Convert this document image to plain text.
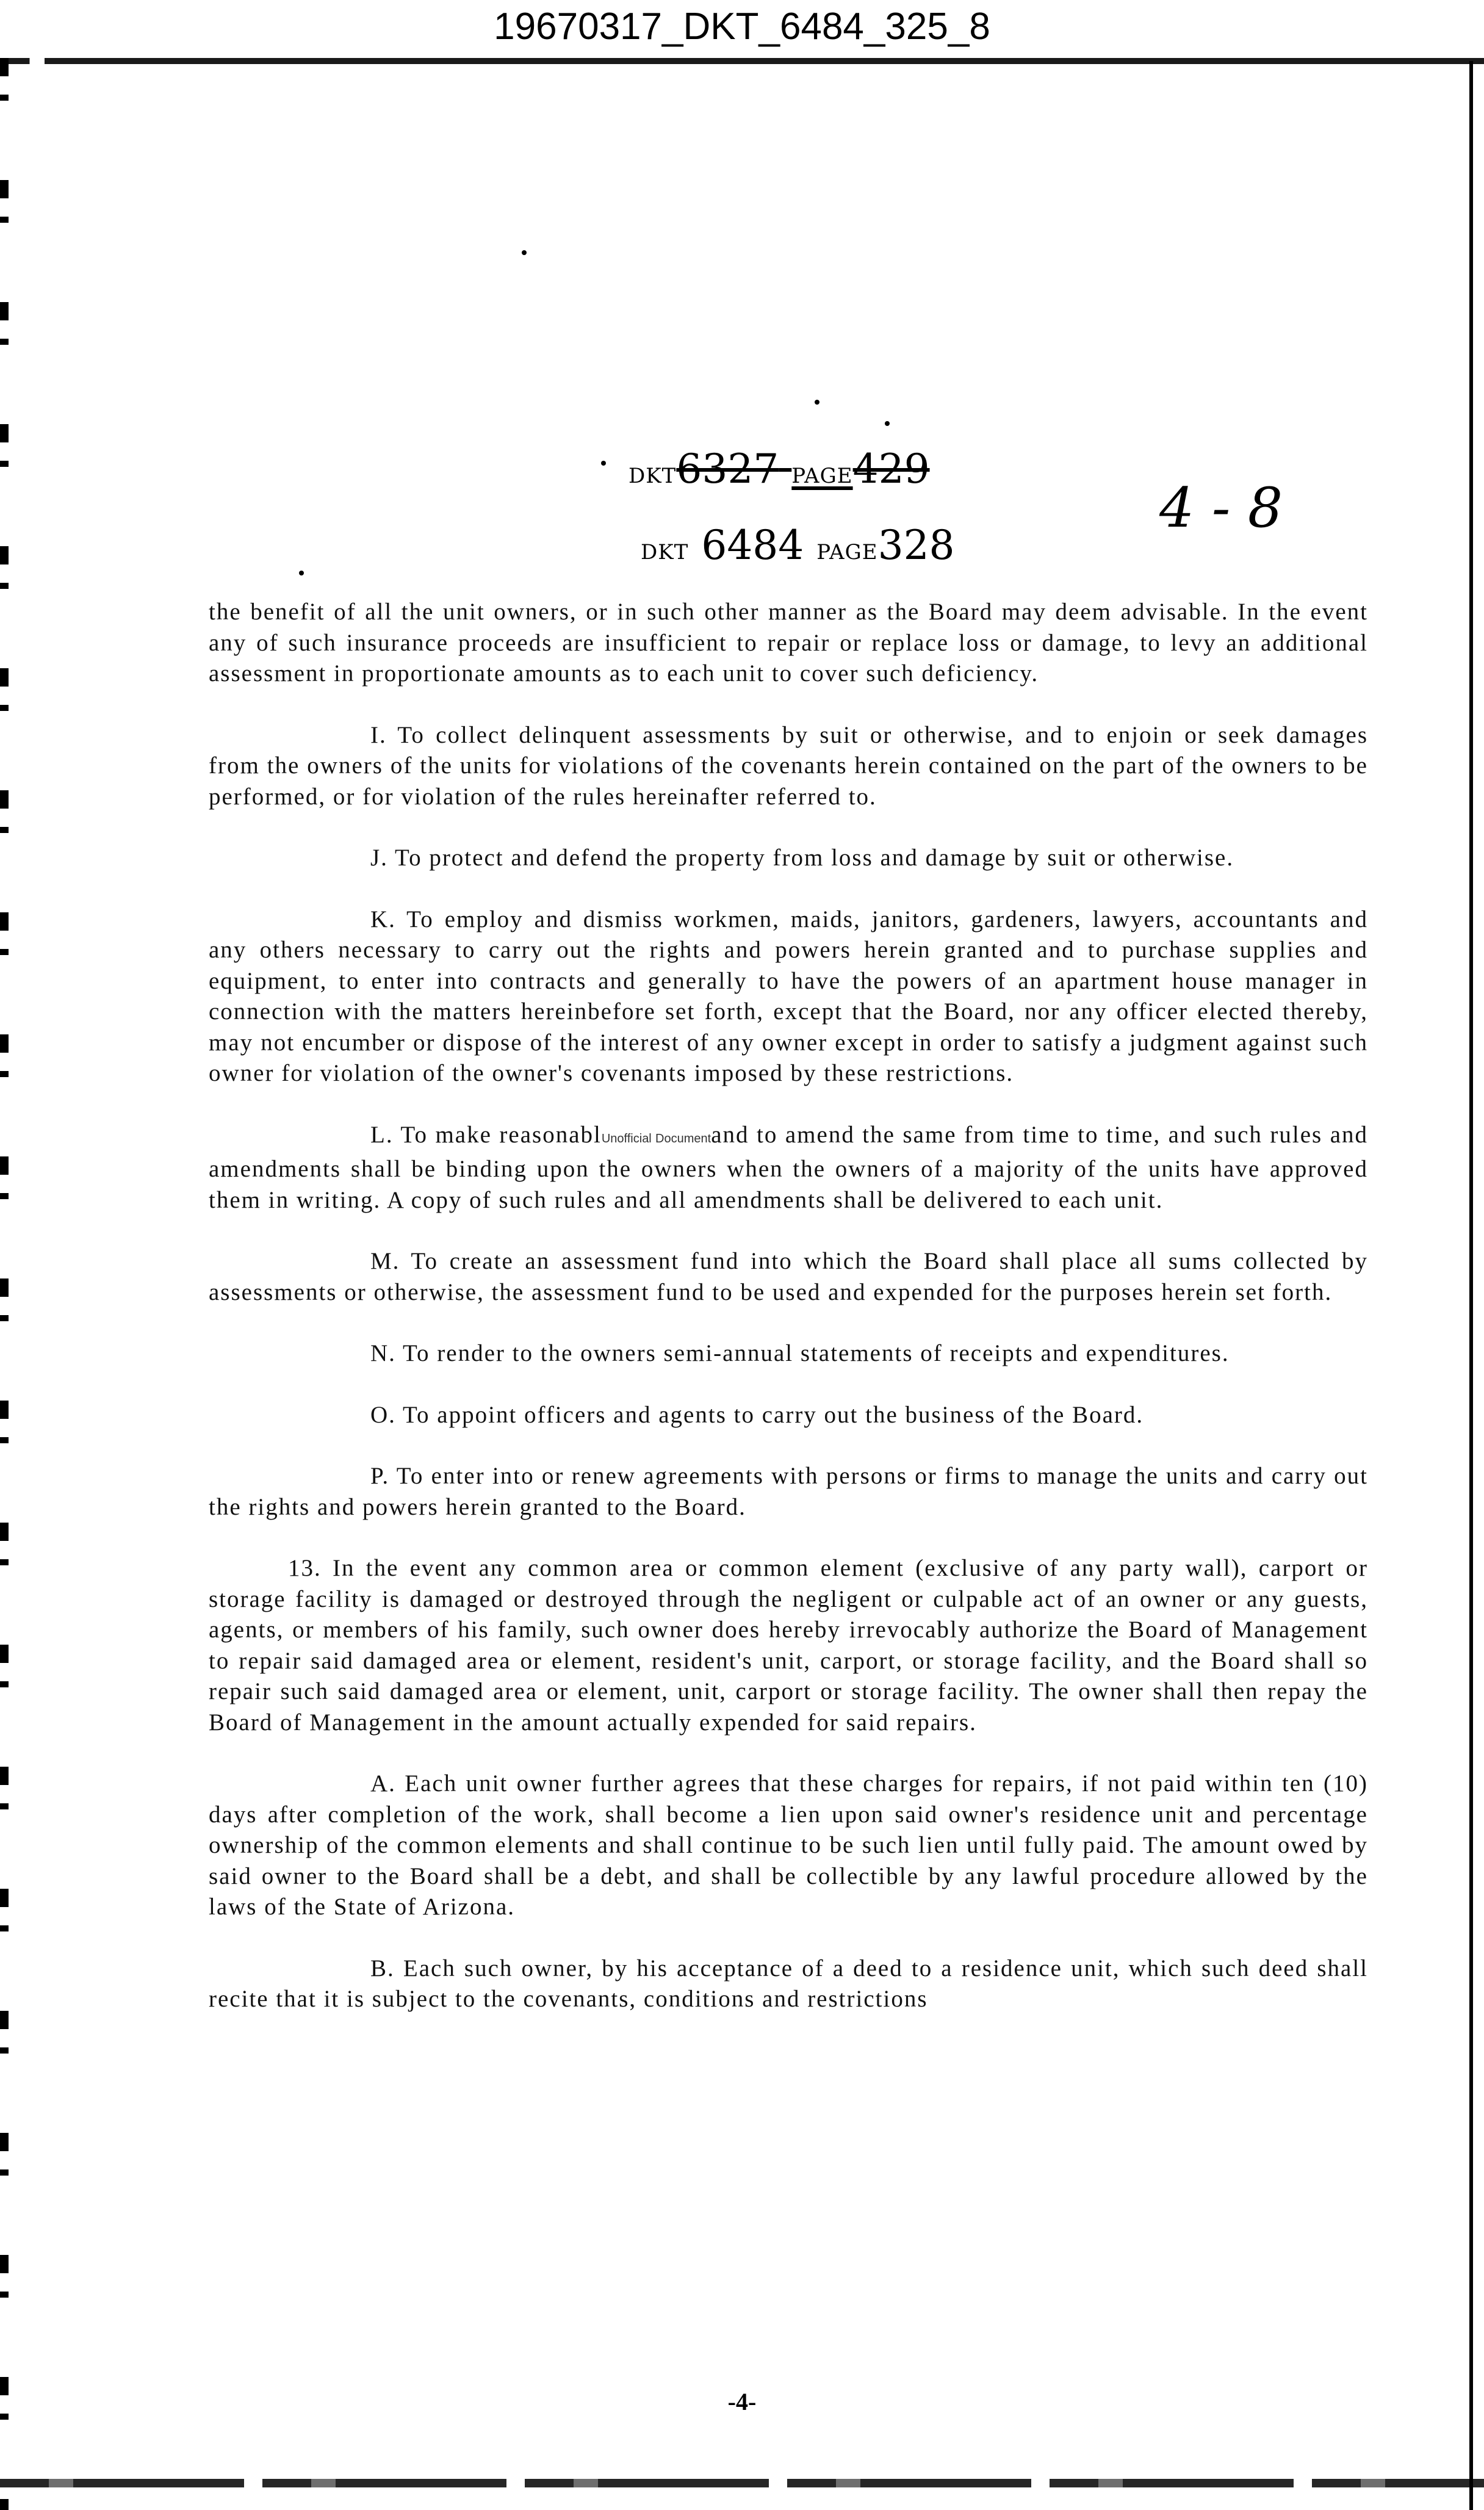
19670317_DKT_6484_325_8
DKT6327 PAGE429
DKT 6484 PAGE328
4 - 8

the benefit of all the unit owners, or in such other manner as the Board may deem advisable. In the event any of such insurance proceeds are insufficient to repair or replace loss or damage, to levy an additional assessment in proportionate amounts as to each unit to cover such deficiency.

I. To collect delinquent assessments by suit or otherwise, and to enjoin or seek damages from the owners of the units for violations of the covenants herein contained on the part of the owners to be performed, or for violation of the rules hereinafter referred to.

J. To protect and defend the property from loss and damage by suit or otherwise.

K. To employ and dismiss workmen, maids, janitors, gardeners, lawyers, accountants and any others necessary to carry out the rights and powers herein granted and to purchase supplies and equipment, to enter into contracts and generally to have the powers of an apartment house manager in connection with the matters hereinbefore set forth, except that the Board, nor any officer elected thereby, may not encumber or dispose of the interest of any owner except in order to satisfy a judgment against such owner for violation of the owner's covenants imposed by these restrictions.

L. To make reasonablUnofficial Documentand to amend the same from time to time, and such rules and amendments shall be binding upon the owners when the owners of a majority of the units have approved them in writing. A copy of such rules and all amendments shall be delivered to each unit.

M. To create an assessment fund into which the Board shall place all sums collected by assessments or otherwise, the assessment fund to be used and expended for the purposes herein set forth.

N. To render to the owners semi-annual statements of receipts and expenditures.

O. To appoint officers and agents to carry out the business of the Board.

P. To enter into or renew agreements with persons or firms to manage the units and carry out the rights and powers herein granted to the Board.

13. In the event any common area or common element (exclusive of any party wall), carport or storage facility is damaged or destroyed through the negligent or culpable act of an owner or any guests, agents, or members of his family, such owner does hereby irrevocably authorize the Board of Management to repair said damaged area or element, resident's unit, carport, or storage facility, and the Board shall so repair such said damaged area or element, unit, carport or storage facility. The owner shall then repay the Board of Management in the amount actually expended for said repairs.

A. Each unit owner further agrees that these charges for repairs, if not paid within ten (10) days after completion of the work, shall become a lien upon said owner's residence unit and percentage ownership of the common elements and shall continue to be such lien until fully paid. The amount owed by said owner to the Board shall be a debt, and shall be collectible by any lawful procedure allowed by the laws of the State of Arizona.

B. Each such owner, by his acceptance of a deed to a residence unit, which such deed shall recite that it is subject to the covenants, conditions and restrictions

-4-
